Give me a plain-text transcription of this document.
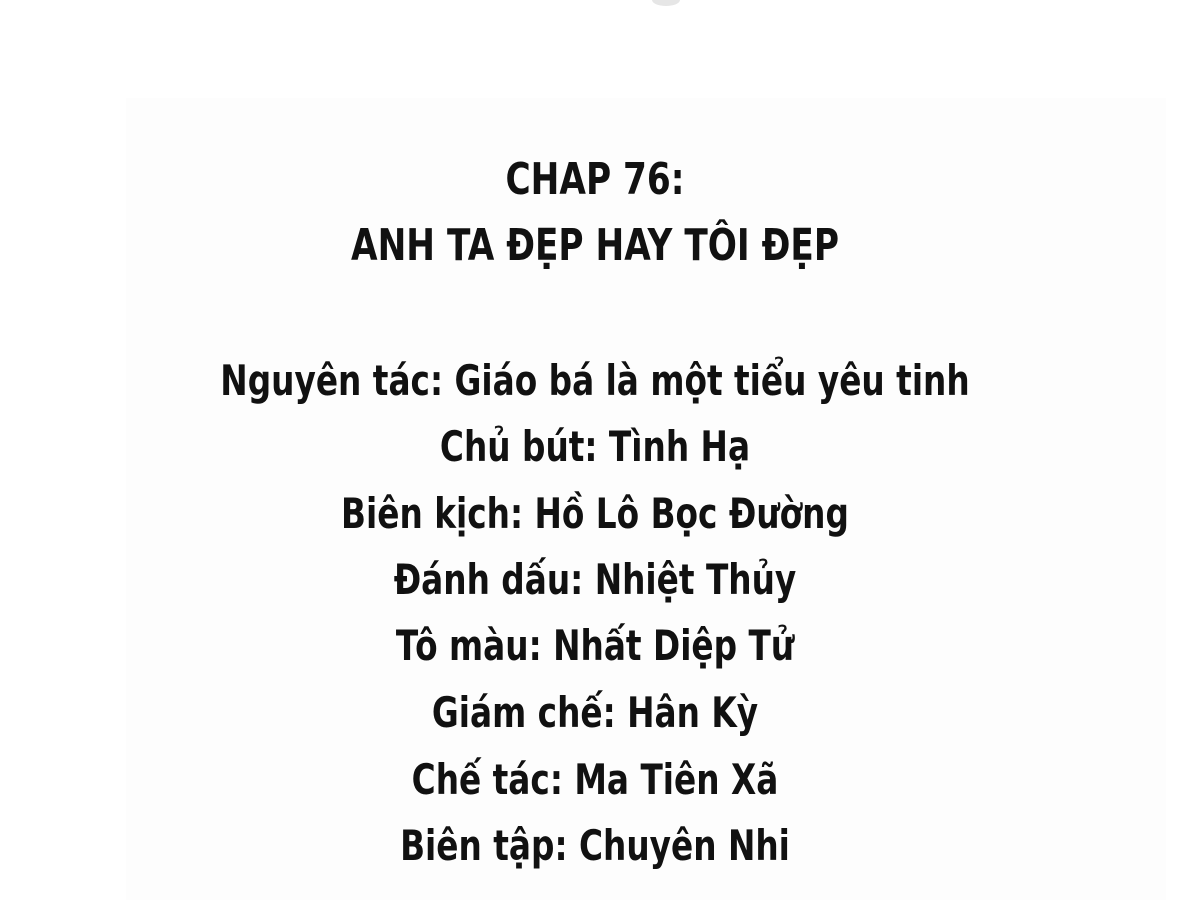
CHAP 76:
ANH TA ĐẸP HAY TÔI ĐẸP
Nguyên tác: Giáo bá là một tiểu yêu tinh
Chủ bút: Tình Hạ
Biên kịch: Hồ Lô Bọc Đường
Đánh dấu: Nhiệt Thủy
Tô màu: Nhất Diệp Tử
Giám chế: Hân Kỳ
Chế tác: Ma Tiên Xã
Biên tập: Chuyên Nhi
